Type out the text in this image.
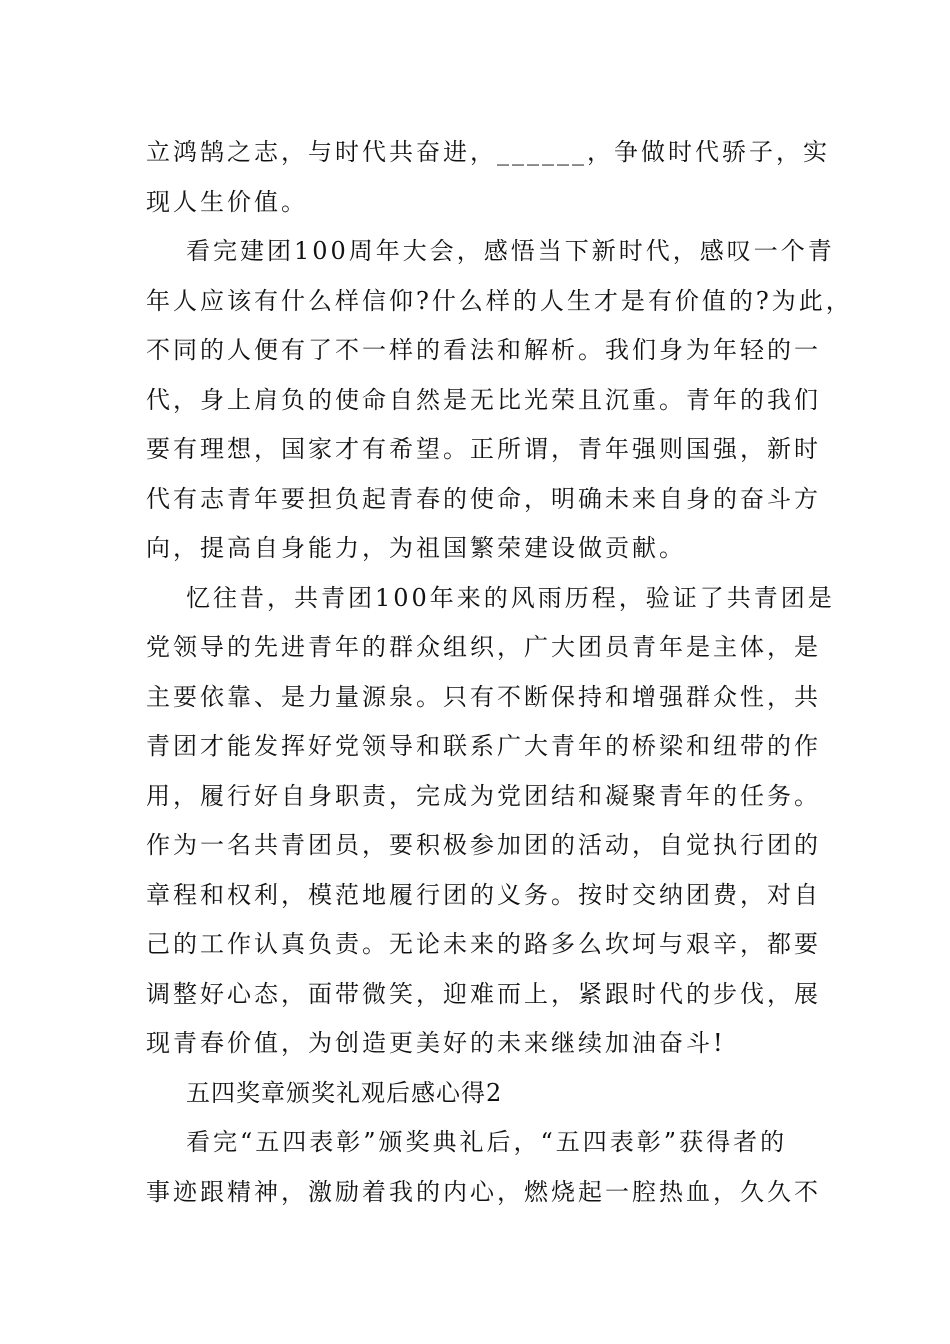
立鸿鹄之志，与时代共奋进，______，争做时代骄子，实
现人生价值。
看完建团100周年大会，感悟当下新时代，感叹一个青
年人应该有什么样信仰?什么样的人生才是有价值的?为此，
不同的人便有了不一样的看法和解析。我们身为年轻的一
代，身上肩负的使命自然是无比光荣且沉重。青年的我们
要有理想，国家才有希望。正所谓，青年强则国强，新时
代有志青年要担负起青春的使命，明确未来自身的奋斗方
向，提高自身能力，为祖国繁荣建设做贡献。
忆往昔，共青团100年来的风雨历程，验证了共青团是
党领导的先进青年的群众组织，广大团员青年是主体，是
主要依靠、是力量源泉。只有不断保持和增强群众性，共
青团才能发挥好党领导和联系广大青年的桥梁和纽带的作
用，履行好自身职责，完成为党团结和凝聚青年的任务。
作为一名共青团员，要积极参加团的活动，自觉执行团的
章程和权利，模范地履行团的义务。按时交纳团费，对自
己的工作认真负责。无论未来的路多么坎坷与艰辛，都要
调整好心态，面带微笑，迎难而上，紧跟时代的步伐，展
现青春价值，为创造更美好的未来继续加油奋斗!
五四奖章颁奖礼观后感心得2
看完“五四表彰”颁奖典礼后，“五四表彰”获得者的
事迹跟精神，激励着我的内心，燃烧起一腔热血，久久不
